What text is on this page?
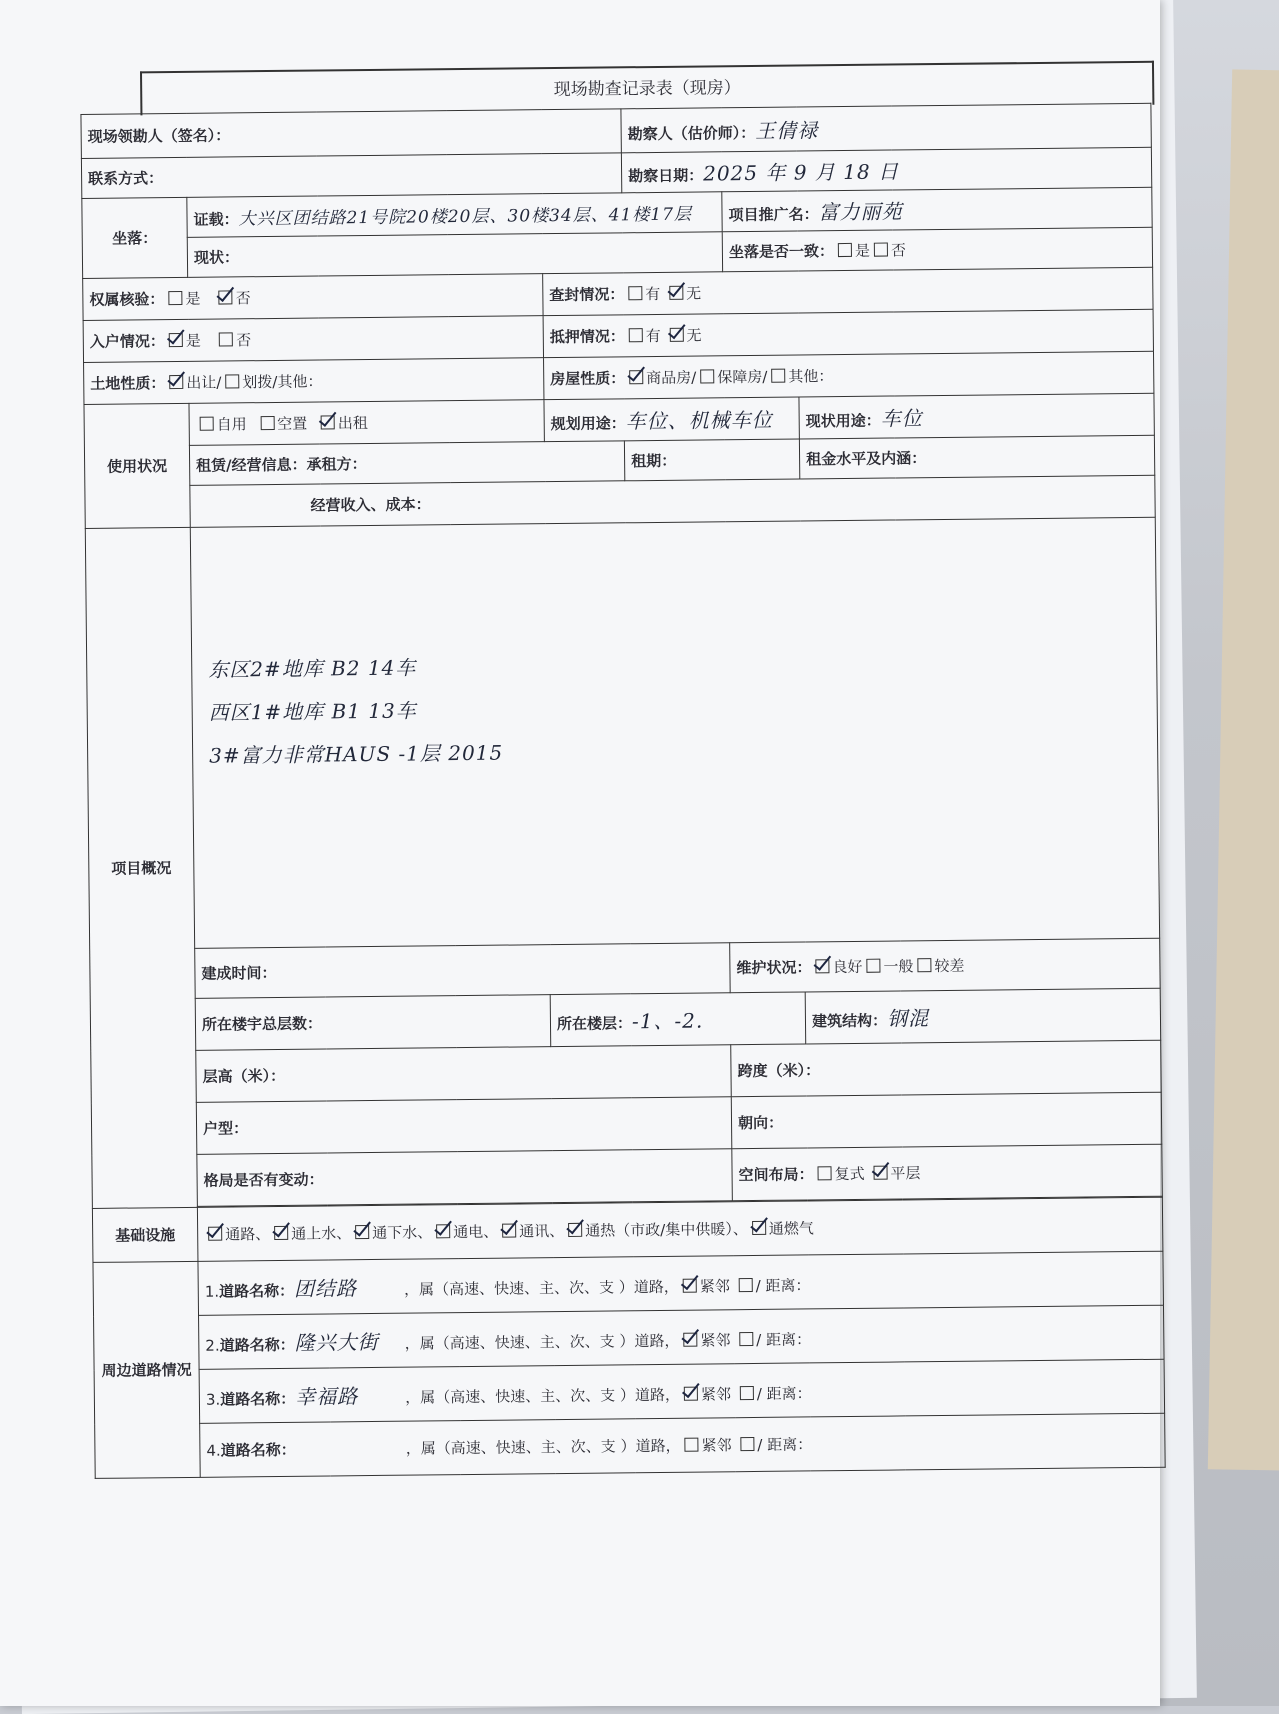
现场勘查记录表（现房）
现场领勘人（签名）：			勘察人（估价师）：王倩禄		
联系方式：			勘察日期：2025 年 9 月 18 日		
坐落：	证载：大兴区团结路21号院20楼20层、30楼34层、41楼17层			项目推广名：富力丽苑	
	现状：			坐落是否一致： 是 否	
权属核验： 是 否		查封情况： 有 无			
入户情况： 是 否		抵押情况： 有 无			
土地性质： 出让/ 划拨/其他：		房屋性质： 商品房/ 保障房/ 其他：			
使用状况	自用 空置 出租	规划用途：车位、机械车位			现状用途：车位
	租赁/经营信息：承租方：		租期：		租金水平及内涵：
	经营收入、成本：				
项目概况	东区2#地库 B2 14车
西区1#地库 B1 13车
3#富力非常HAUS -1层 2015				

	建成时间：			维护状况： 良好 一般 较差	
	所在楼宇总层数：	所在楼层：-1、-2.			建筑结构：钢混
	层高（米）：			跨度（米）：	
	户型：			朝向：	
	格局是否有变动：			空间布局： 复式 平层	

基础设施	通路、 通上水、 通下水、 通电、 通讯、 通热（市政/集中供暖）、 通燃气				
周边道路情况	1.道路名称：团结路 ，属（高速、快速、主、次、支 ）道路， 紧邻 / 距离：				
	2.道路名称：隆兴大街 ，属（高速、快速、主、次、支 ）道路， 紧邻 / 距离：				
	3.道路名称：幸福路 ，属（高速、快速、主、次、支 ）道路， 紧邻 / 距离：				
	4.道路名称： ，属（高速、快速、主、次、支 ）道路， 紧邻 / 距离：				
